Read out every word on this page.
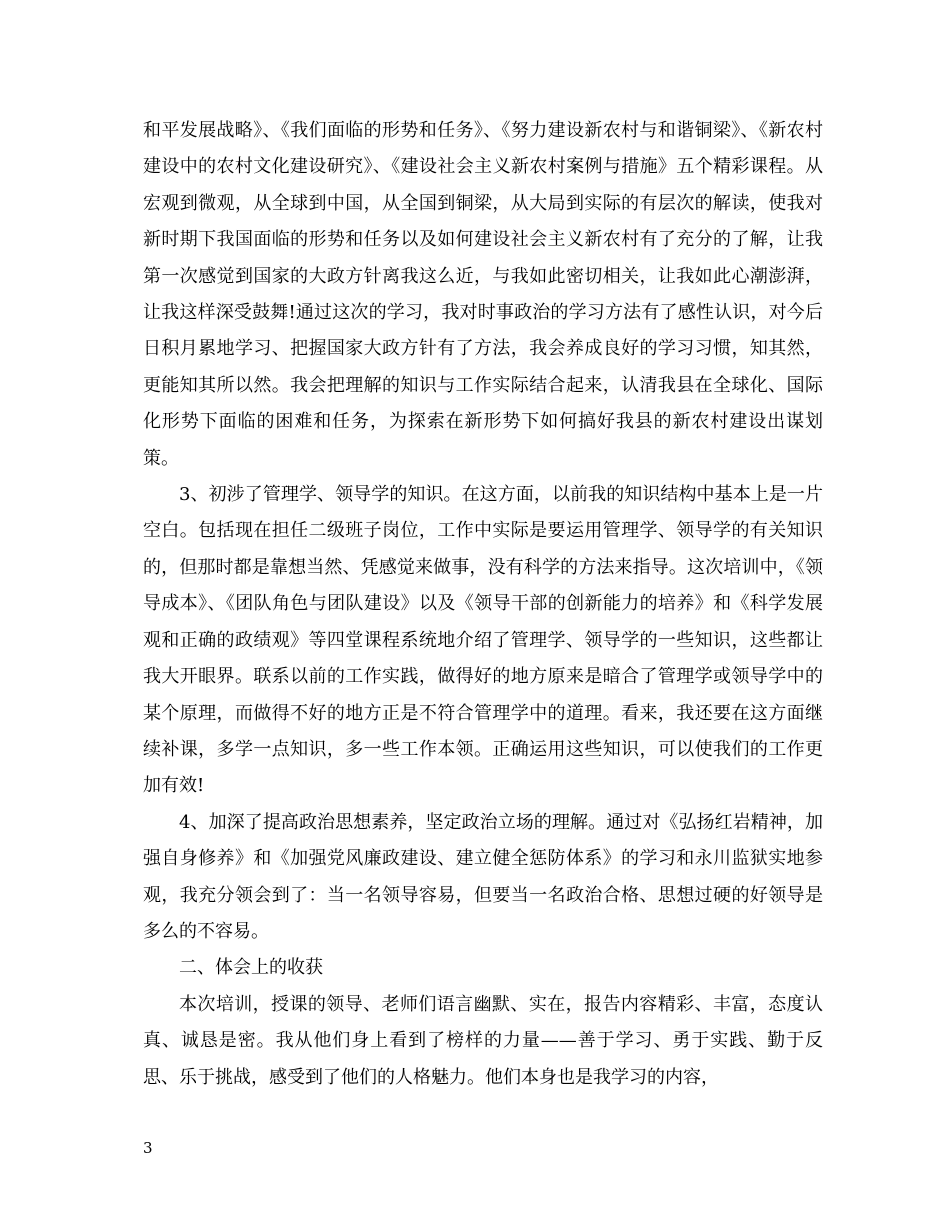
和平发展战略》、《我们面临的形势和任务》、《努力建设新农村与和谐铜梁》、《新农村建设中的农村文化建设研究》、《建设社会主义新农村案例与措施》五个精彩课程。从宏观到微观，从全球到中国，从全国到铜梁，从大局到实际的有层次的解读，使我对新时期下我国面临的形势和任务以及如何建设社会主义新农村有了充分的了解，让我第一次感觉到国家的大政方针离我这么近，与我如此密切相关，让我如此心潮澎湃，让我这样深受鼓舞!通过这次的学习，我对时事政治的学习方法有了感性认识，对今后日积月累地学习、把握国家大政方针有了方法，我会养成良好的学习习惯，知其然，更能知其所以然。我会把理解的知识与工作实际结合起来，认清我县在全球化、国际化形势下面临的困难和任务，为探索在新形势下如何搞好我县的新农村建设出谋划策。

3、初涉了管理学、领导学的知识。在这方面，以前我的知识结构中基本上是一片空白。包括现在担任二级班子岗位，工作中实际是要运用管理学、领导学的有关知识的，但那时都是靠想当然、凭感觉来做事，没有科学的方法来指导。这次培训中，《领导成本》、《团队角色与团队建设》以及《领导干部的创新能力的培养》和《科学发展观和正确的政绩观》等四堂课程系统地介绍了管理学、领导学的一些知识，这些都让我大开眼界。联系以前的工作实践，做得好的地方原来是暗合了管理学或领导学中的某个原理，而做得不好的地方正是不符合管理学中的道理。看来，我还要在这方面继续补课，多学一点知识，多一些工作本领。正确运用这些知识，可以使我们的工作更加有效!

4、加深了提高政治思想素养，坚定政治立场的理解。通过对《弘扬红岩精神，加强自身修养》和《加强党风廉政建设、建立健全惩防体系》的学习和永川监狱实地参观，我充分领会到了：当一名领导容易，但要当一名政治合格、思想过硬的好领导是多么的不容易。

二、体会上的收获

本次培训，授课的领导、老师们语言幽默、实在，报告内容精彩、丰富，态度认真、诚恳是密。我从他们身上看到了榜样的力量——善于学习、勇于实践、勤于反思、乐于挑战，感受到了他们的人格魅力。他们本身也是我学习的内容，

3
